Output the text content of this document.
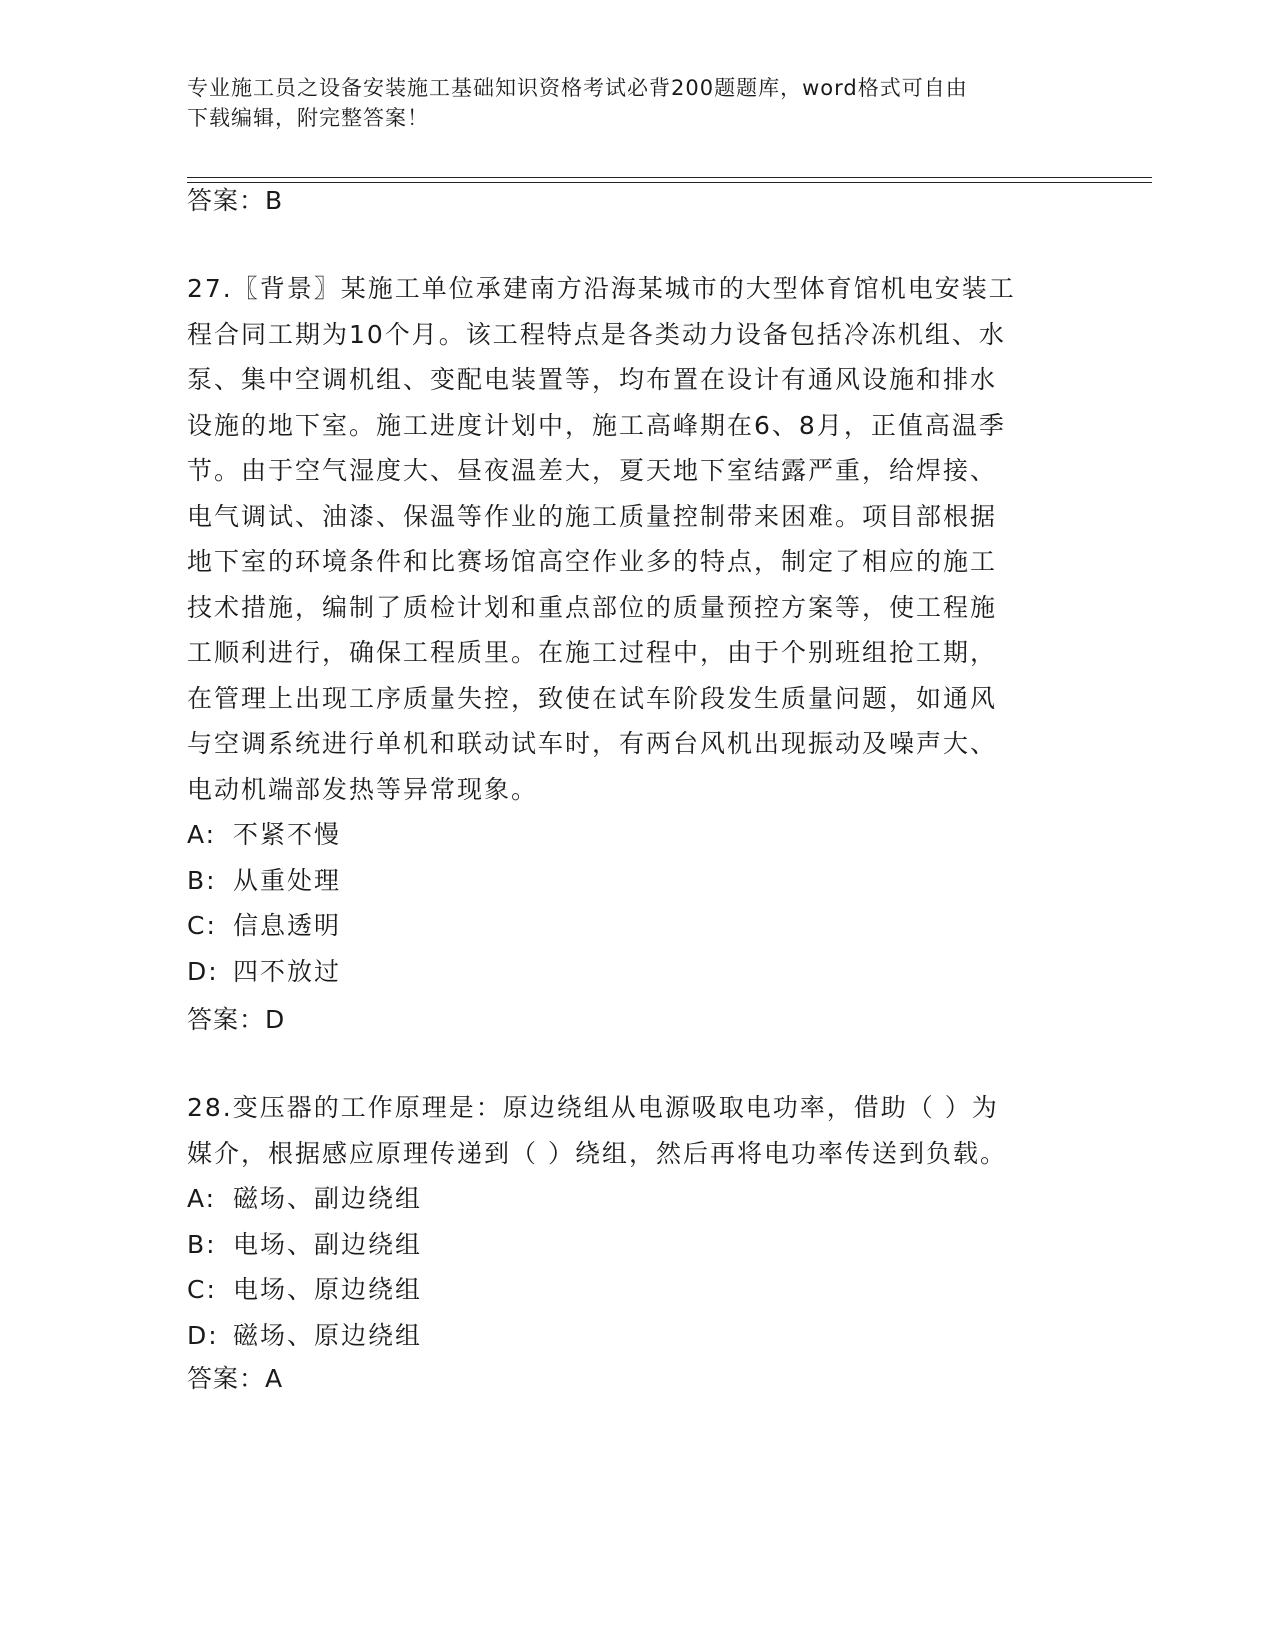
专业施工员之设备安装施工基础知识资格考试必背200题题库，word格式可自由
下载编辑，附完整答案！
答案：B
27.〖背景〗某施工单位承建南方沿海某城市的大型体育馆机电安装工
程合同工期为10个月。该工程特点是各类动力设备包括冷冻机组、水
泵、集中空调机组、变配电装置等，均布置在设计有通风设施和排水
设施的地下室。施工进度计划中，施工高峰期在6、8月，正值高温季
节。由于空气湿度大、昼夜温差大，夏天地下室结露严重，给焊接、
电气调试、油漆、保温等作业的施工质量控制带来困难。项目部根据
地下室的环境条件和比赛场馆高空作业多的特点，制定了相应的施工
技术措施，编制了质检计划和重点部位的质量预控方案等，使工程施
工顺利进行，确保工程质里。在施工过程中，由于个别班组抢工期，
在管理上出现工序质量失控，致使在试车阶段发生质量问题，如通风
与空调系统进行单机和联动试车时，有两台风机出现振动及噪声大、
电动机端部发热等异常现象。
A: 不紧不慢
B: 从重处理
C: 信息透明
D: 四不放过
答案：D
28.变压器的工作原理是：原边绕组从电源吸取电功率，借助（ ）为
媒介，根据感应原理传递到（ ）绕组，然后再将电功率传送到负载。
A: 磁场、副边绕组
B: 电场、副边绕组
C: 电场、原边绕组
D: 磁场、原边绕组
答案：A
